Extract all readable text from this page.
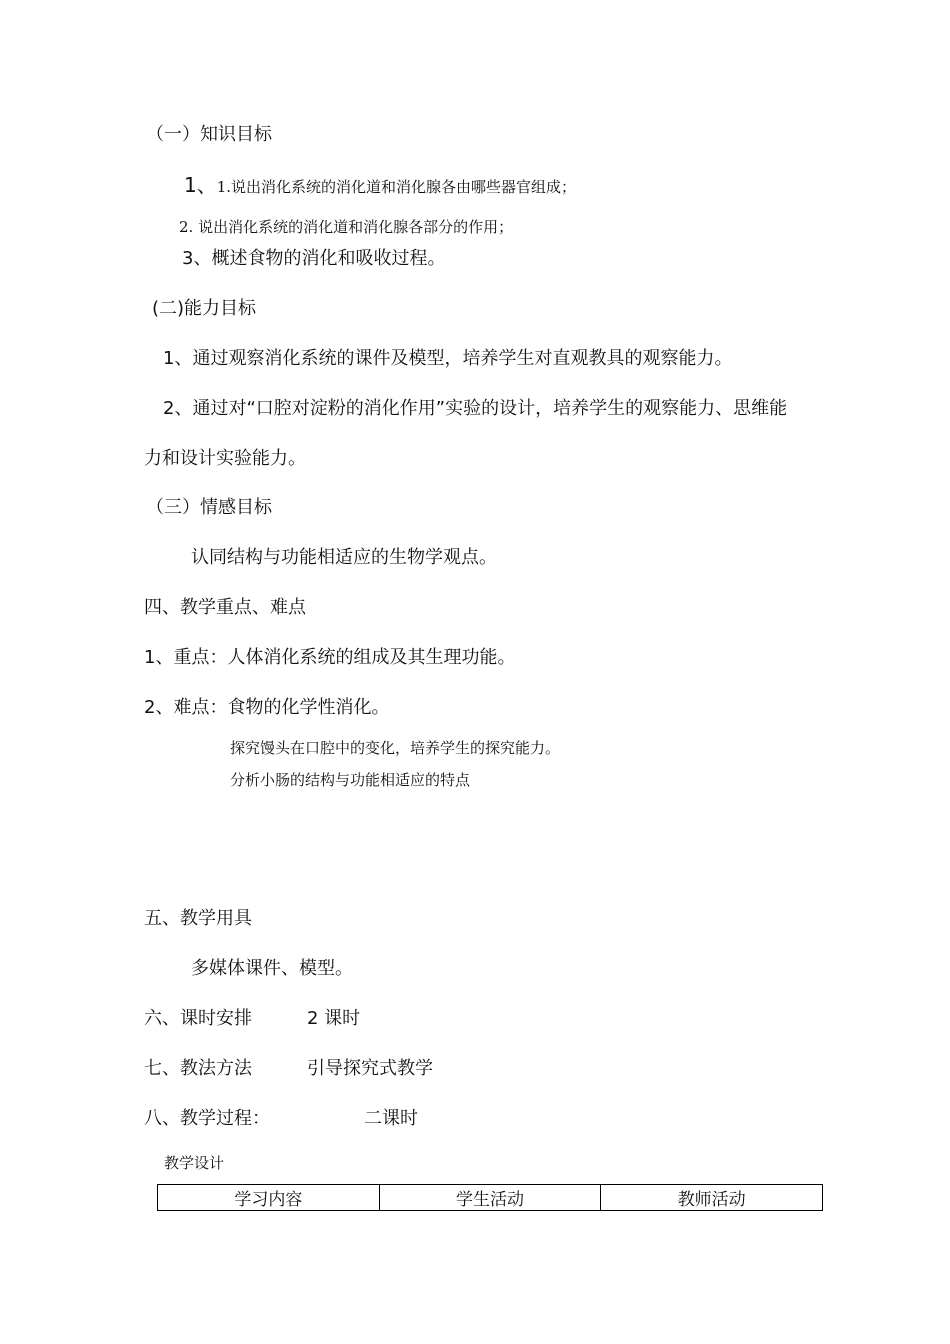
（一）知识目标
1、1.说出消化系统的消化道和消化腺各由哪些器官组成；
2. 说出消化系统的消化道和消化腺各部分的作用；
3、概述食物的消化和吸收过程。
(二)能力目标
1、通过观察消化系统的课件及模型，培养学生对直观教具的观察能力。
2、通过对“口腔对淀粉的消化作用”实验的设计，培养学生的观察能力、思维能
力和设计实验能力。
（三）情感目标
认同结构与功能相适应的生物学观点。
四、教学重点、难点
1、重点：人体消化系统的组成及其生理功能。
2、难点：食物的化学性消化。
探究馒头在口腔中的变化，培养学生的探究能力。
分析小肠的结构与功能相适应的特点
五、教学用具
多媒体课件、模型。
六、课时安排	2 课时
七、教法方法	引导探究式教学
八、教学过程：	二课时
教学设计
学习内容	学生活动	教师活动
